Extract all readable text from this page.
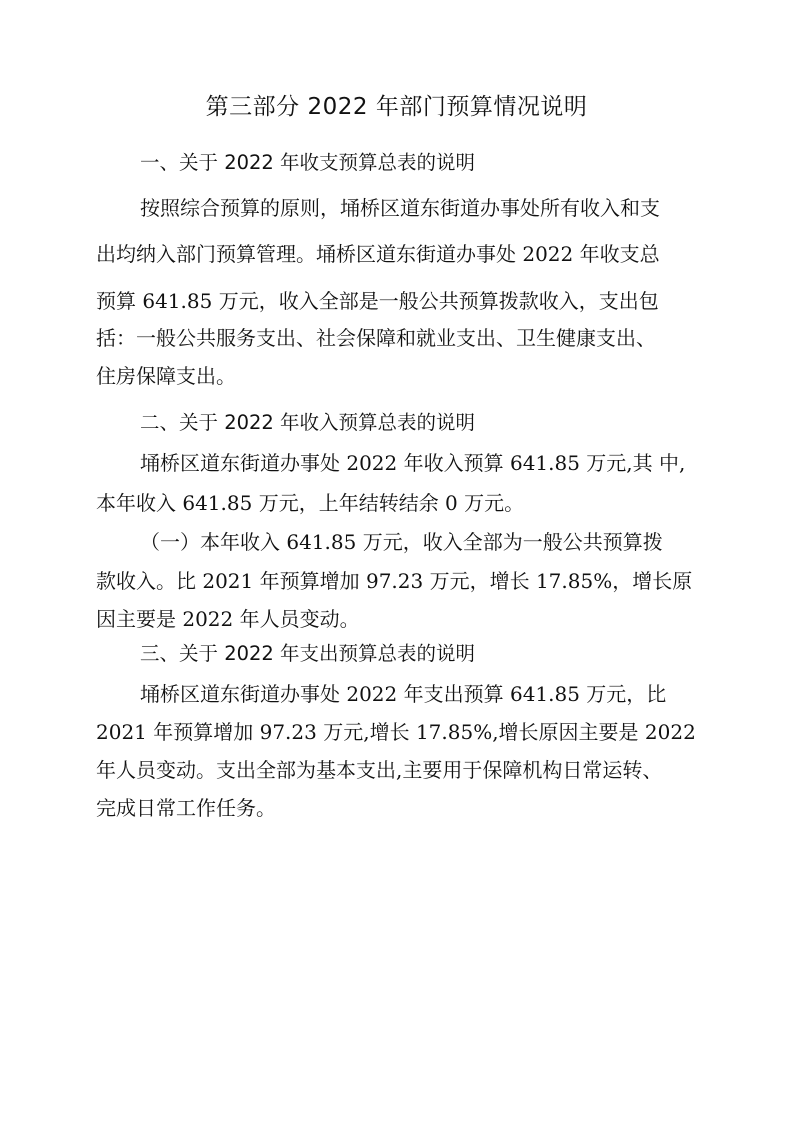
第三部分 2022 年部门预算情况说明
一、关于 2022 年收支预算总表的说明
按照综合预算的原则，埇桥区道东街道办事处所有收入和支
出均纳入部门预算管理。埇桥区道东街道办事处 2022 年收支总
预算 641.85 万元，收入全部是一般公共预算拨款收入，支出包
括：一般公共服务支出、社会保障和就业支出、卫生健康支出、
住房保障支出。
二、关于 2022 年收入预算总表的说明
埇桥区道东街道办事处 2022 年收入预算 641.85 万元,其 中,
本年收入 641.85 万元，上年结转结余 0 万元。
（一）本年收入 641.85 万元，收入全部为一般公共预算拨
款收入。比 2021 年预算增加 97.23 万元，增长 17.85%，增长原
因主要是 2022 年人员变动。
三、关于 2022 年支出预算总表的说明
埇桥区道东街道办事处 2022 年支出预算 641.85 万元，比
2021 年预算增加 97.23 万元,增长 17.85%,增长原因主要是 2022
年人员变动。支出全部为基本支出,主要用于保障机构日常运转、
完成日常工作任务。
